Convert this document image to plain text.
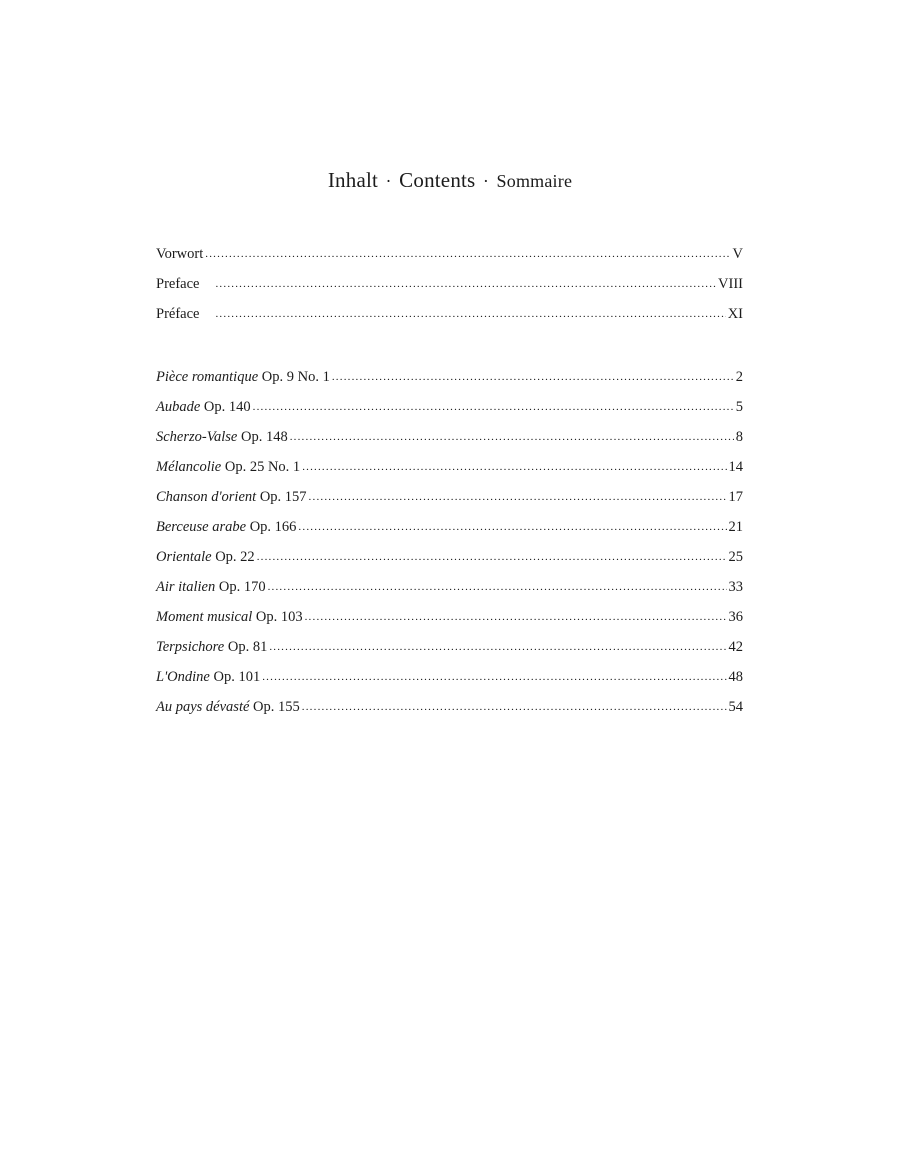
Inhalt · Contents · Sommaire
Vorwort .....	V
Preface .....	VIII
Préface .....	XI
Pièce romantique Op. 9 No. 1 .....	2
Aubade Op. 140 .....	5
Scherzo-Valse Op. 148 .....	8
Mélancolie Op. 25 No. 1 .....	14
Chanson d'orient Op. 157 .....	17
Berceuse arabe Op. 166 .....	21
Orientale Op. 22 .....	25
Air italien Op. 170 .....	33
Moment musical Op. 103 .....	36
Terpsichore Op. 81 .....	42
L'Ondine Op. 101 .....	48
Au pays dévasté Op. 155 .....	54
